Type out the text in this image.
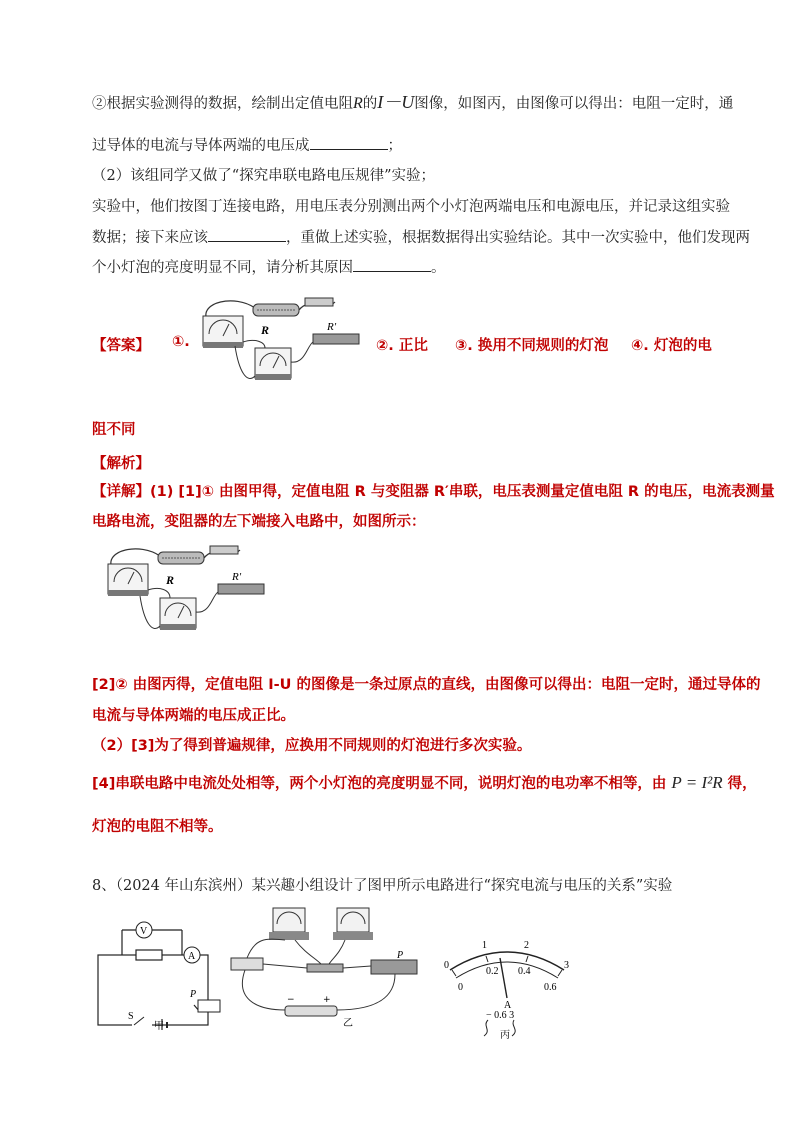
②根据实验测得的数据，绘制出定值电阻R的I－U图像，如图丙，由图像可以得出：电阻一定时，通
过导体的电流与导体两端的电压成	；
（2）该组同学又做了“探究串联电路电压规律”实验；
实验中，他们按图丁连接电路，用电压表分别测出两个小灯泡两端电压和电源电压，并记录这组实验
数据；接下来应该	，重做上述实验，根据数据得出实验结论。其中一次实验中，他们发现两
个小灯泡的亮度明显不同，请分析其原因	。
【答案】 ①.	②. 正比 ③. 换用不同规则的灯泡 ④. 灯泡的电
阻不同
R	R′
【解析】
【详解】(1) [1]① 由图甲得，定值电阻 R 与变阻器 R′串联，电压表测量定值电阻 R 的电压，电流表测量
电路电流，变阻器的左下端接入电路中，如图所示：
R	R′
[2]② 由图丙得，定值电阻 I-U 的图像是一条过原点的直线，由图像可以得出：电阻一定时，通过导体的
电流与导体两端的电压成正比。
（2）[3]为了得到普遍规律，应换用不同规则的灯泡进行多次实验。
[4]串联电路中电流处处相等，两个小灯泡的亮度明显不同，说明灯泡的电功率不相等，由 P = I²R 得，
灯泡的电阻不相等。
8、（2024 年山东滨州）某兴趣小组设计了图甲所示电路进行“探究电流与电压的关系”实验
V
A
S
P
甲
P
−	+
乙
0
1	2
3
0
0.2 0.4
0.6
A
− 0.6 3
丙
